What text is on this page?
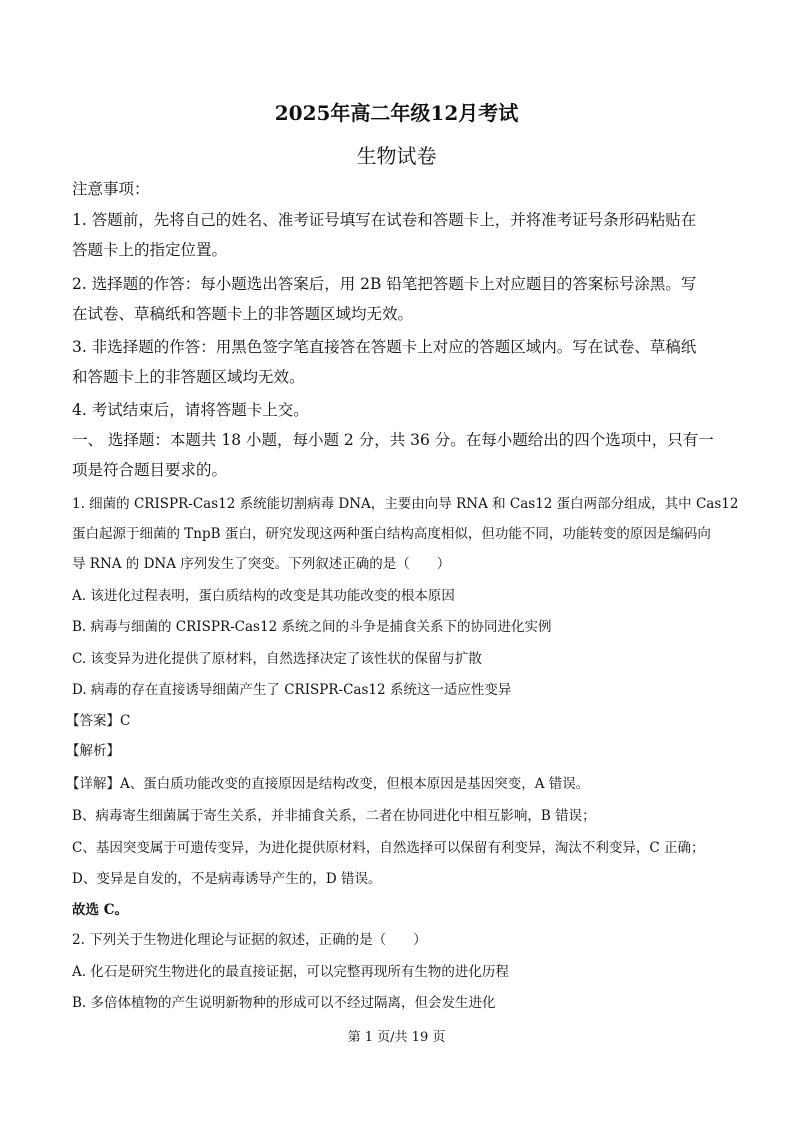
2025年高二年级12月考试
生物试卷
注意事项：
1. 答题前，先将自己的姓名、准考证号填写在试卷和答题卡上，并将准考证号条形码粘贴在
答题卡上的指定位置。
2. 选择题的作答：每小题选出答案后，用 2B 铅笔把答题卡上对应题目的答案标号涂黑。写
在试卷、草稿纸和答题卡上的非答题区域均无效。
3. 非选择题的作答：用黑色签字笔直接答在答题卡上对应的答题区域内。写在试卷、草稿纸
和答题卡上的非答题区域均无效。
4. 考试结束后，请将答题卡上交。
一、 选择题：本题共 18 小题，每小题 2 分，共 36 分。在每小题给出的四个选项中，只有一
项是符合题目要求的。
1. 细菌的 CRISPR-Cas12 系统能切割病毒 DNA，主要由向导 RNA 和 Cas12 蛋白两部分组成，其中 Cas12
蛋白起源于细菌的 TnpB 蛋白，研究发现这两种蛋白结构高度相似，但功能不同，功能转变的原因是编码向
导 RNA 的 DNA 序列发生了突变。下列叙述正确的是（　　）
A. 该进化过程表明，蛋白质结构的改变是其功能改变的根本原因
B. 病毒与细菌的 CRISPR-Cas12 系统之间的斗争是捕食关系下的协同进化实例
C. 该变异为进化提供了原材料，自然选择决定了该性状的保留与扩散
D. 病毒的存在直接诱导细菌产生了 CRISPR-Cas12 系统这一适应性变异
【答案】C
【解析】
【详解】A、蛋白质功能改变的直接原因是结构改变，但根本原因是基因突变，A 错误。
B、病毒寄生细菌属于寄生关系，并非捕食关系，二者在协同进化中相互影响，B 错误；
C、基因突变属于可遗传变异，为进化提供原材料，自然选择可以保留有利变异，淘汰不利变异，C 正确；
D、变异是自发的，不是病毒诱导产生的，D 错误。
故选 C。
2. 下列关于生物进化理论与证据的叙述，正确的是（　　）
A. 化石是研究生物进化的最直接证据，可以完整再现所有生物的进化历程
B. 多倍体植物的产生说明新物种的形成可以不经过隔离，但会发生进化
第 1 页/共 19 页
